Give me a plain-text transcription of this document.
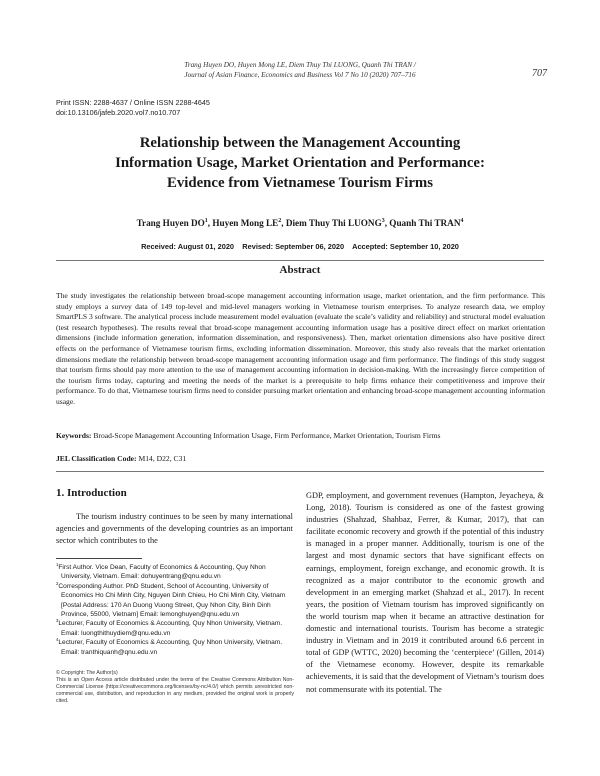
Trang Huyen DO, Huyen Mong LE, Diem Thuy Thi LUONG, Quanh Thi TRAN /
Journal of Asian Finance, Economics and Business Vol 7 No 10 (2020) 707–716	707
Print ISSN: 2288-4637 / Online ISSN 2288-4645
doi:10.13106/jafeb.2020.vol7.no10.707
Relationship between the Management Accounting
Information Usage, Market Orientation and Performance:
Evidence from Vietnamese Tourism Firms
Trang Huyen $DO^1$, Huyen Mong $LE^2$, Diem Thuy Thi LUONG$^3$, Quanh Thi TRAN$^4$
Received: August 01, 2020 Revised: September 06, 2020 Accepted: September 10, 2020
Abstract
The study investigates the relationship between broad-scope management accounting information usage, market orientation, and the firm performance. This study employs a survey data of 149 top-level and mid-level managers working in Vietnamese tourism enterprises. To analyze research data, we employ SmartPLS 3 software. The analytical process include measurement model evaluation (evaluate the scale’s validity and reliability) and structural model evaluation (test research hypotheses). The results reveal that broad-scope management accounting information usage has a positive direct effect on market orientation dimensions (include information generation, information dissemination, and responsiveness). Then, market orientation dimensions also have positive direct effects on the performance of Vietnamese tourism firms, excluding information dissemination. Moreover, this study also reveals that the market orientation dimensions mediate the relationship between broad-scope management accounting information usage and firm performance. The findings of this study suggest that tourism firms should pay more attention to the use of management accounting information in decision-making. With the increasingly fierce competition of the tourism firms today, capturing and meeting the needs of the market is a prerequisite to help firms enhance their competitiveness and improve their performance. To do that, Vietnamese tourism firms need to consider pursuing market orientation and enhancing broad-scope management accounting information usage.
Keywords: Broad-Scope Management Accounting Information Usage, Firm Performance, Market Orientation, Tourism Firms
JEL Classification Code: M14, D22, C31
1. Introduction
The tourism industry continues to be seen by many international agencies and governments of the developing countries as an important sector which contributes to the
$^1$First Author. Vice Dean, Faculty of Economics & Accounting, Quy Nhon University, Vietnam. Email: dohuyentrang@qnu.edu.vn
$^2$Corresponding Author. PhD Student, School of Accounting, University of Economics Ho Chi Minh City, Nguyen Dinh Chieu, Ho Chi Minh City, Vietnam [Postal Address: 170 An Duong Vuong Street, Quy Nhon City, Binh Dinh Province, 55000, Vietnam] Email: lemonghuyen@qnu.edu.vn
$^3$Lecturer, Faculty of Economics & Accounting, Quy Nhon University, Vietnam. Email: luongthithuydiem@qnu.edu.vn
$^4$Lecturer, Faculty of Economics & Accounting, Quy Nhon University, Vietnam. Email: tranthiquanh@qnu.edu.vn
© Copyright: The Author(s)
This is an Open Access article distributed under the terms of the Creative Commons Attribution Non-Commercial License (https://creativecommons.org/licenses/by-nc/4.0/) which permits unrestricted non-commercial use, distribution, and reproduction in any medium, provided the original work is properly cited.
GDP, employment, and government revenues (Hampton, Jeyacheya, & Long, 2018). Tourism is considered as one of the fastest growing industries (Shahzad, Shahbaz, Ferrer, & Kumar, 2017), that can facilitate economic recovery and growth if the potential of this industry is managed in a proper manner. Additionally, tourism is one of the largest and most dynamic sectors that have significant effects on earnings, employment, foreign exchange, and economic growth. It is recognized as a major contributor to the economic growth and development in an emerging market (Shahzad et al., 2017). In recent years, the position of Vietnam tourism has improved significantly on the world tourism map when it became an attractive destination for domestic and international tourists. Tourism has become a strategic industry in Vietnam and in 2019 it contributed around 6.6 percent in total of GDP (WTTC, 2020) becoming the ‘centerpiece’ (Gillen, 2014) of the Vietnamese economy. However, despite its remarkable achievements, it is said that the development of Vietnam’s tourism does not commensurate with its potential. The
